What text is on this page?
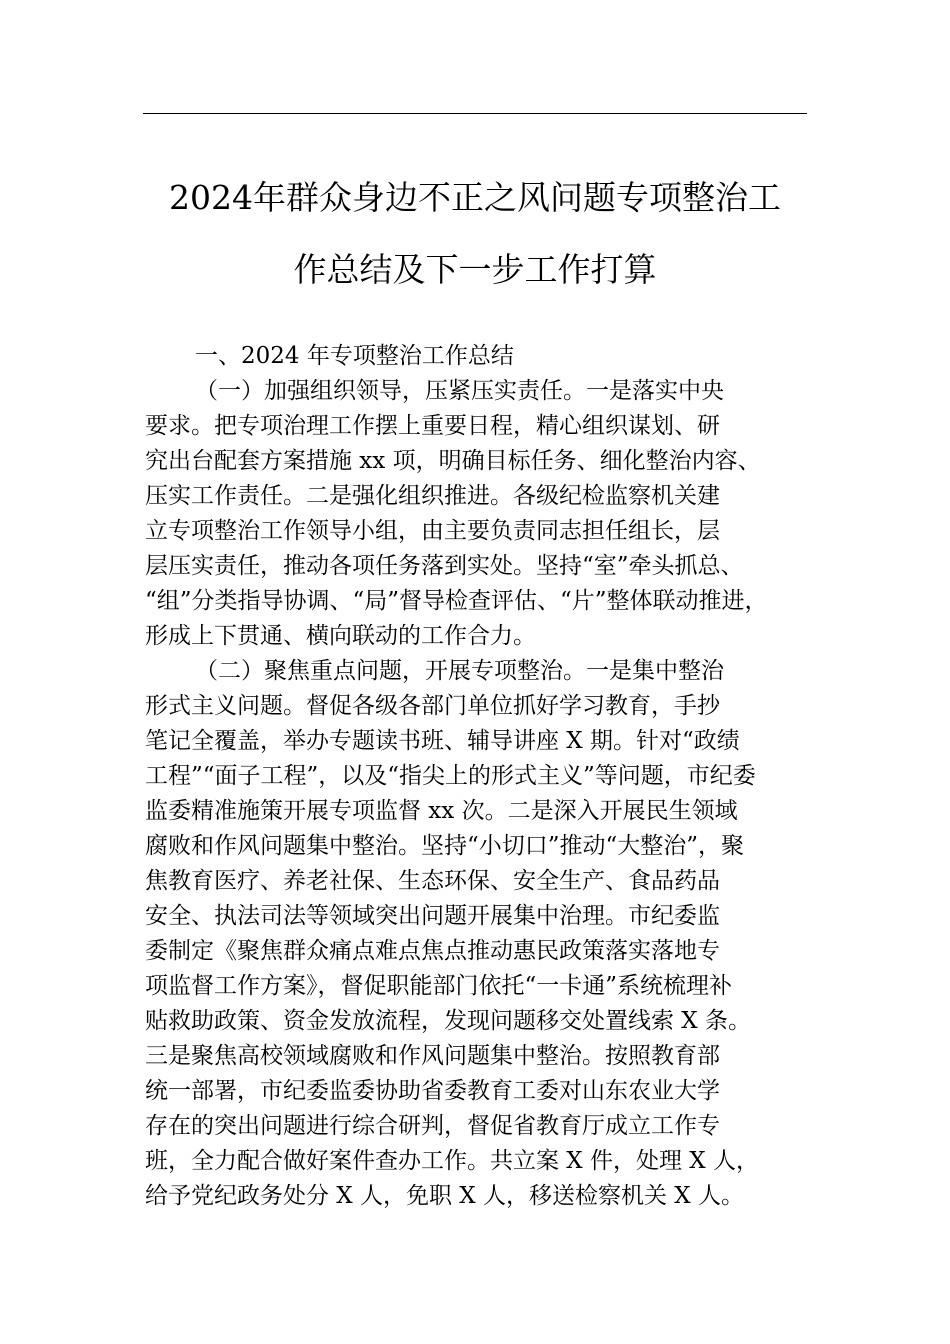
2024年群众身边不正之风问题专项整治工
作总结及下一步工作打算
一、2024 年专项整治工作总结
（一）加强组织领导，压紧压实责任。一是落实中央
要求。把专项治理工作摆上重要日程，精心组织谋划、研
究出台配套方案措施 xx 项，明确目标任务、细化整治内容、
压实工作责任。二是强化组织推进。各级纪检监察机关建
立专项整治工作领导小组，由主要负责同志担任组长，层
层压实责任，推动各项任务落到实处。坚持“室”牵头抓总、
“组”分类指导协调、“局”督导检查评估、“片”整体联动推进，
形成上下贯通、横向联动的工作合力。
（二）聚焦重点问题，开展专项整治。一是集中整治
形式主义问题。督促各级各部门单位抓好学习教育，手抄
笔记全覆盖，举办专题读书班、辅导讲座 X 期。针对“政绩
工程”“面子工程”，以及“指尖上的形式主义”等问题，市纪委
监委精准施策开展专项监督 xx 次。二是深入开展民生领域
腐败和作风问题集中整治。坚持“小切口”推动“大整治”，聚
焦教育医疗、养老社保、生态环保、安全生产、食品药品
安全、执法司法等领域突出问题开展集中治理。市纪委监
委制定《聚焦群众痛点难点焦点推动惠民政策落实落地专
项监督工作方案》，督促职能部门依托“一卡通”系统梳理补
贴救助政策、资金发放流程，发现问题移交处置线索 X 条。
三是聚焦高校领域腐败和作风问题集中整治。按照教育部
统一部署，市纪委监委协助省委教育工委对山东农业大学
存在的突出问题进行综合研判，督促省教育厅成立工作专
班，全力配合做好案件查办工作。共立案 X 件，处理 X 人，
给予党纪政务处分 X 人，免职 X 人，移送检察机关 X 人。
